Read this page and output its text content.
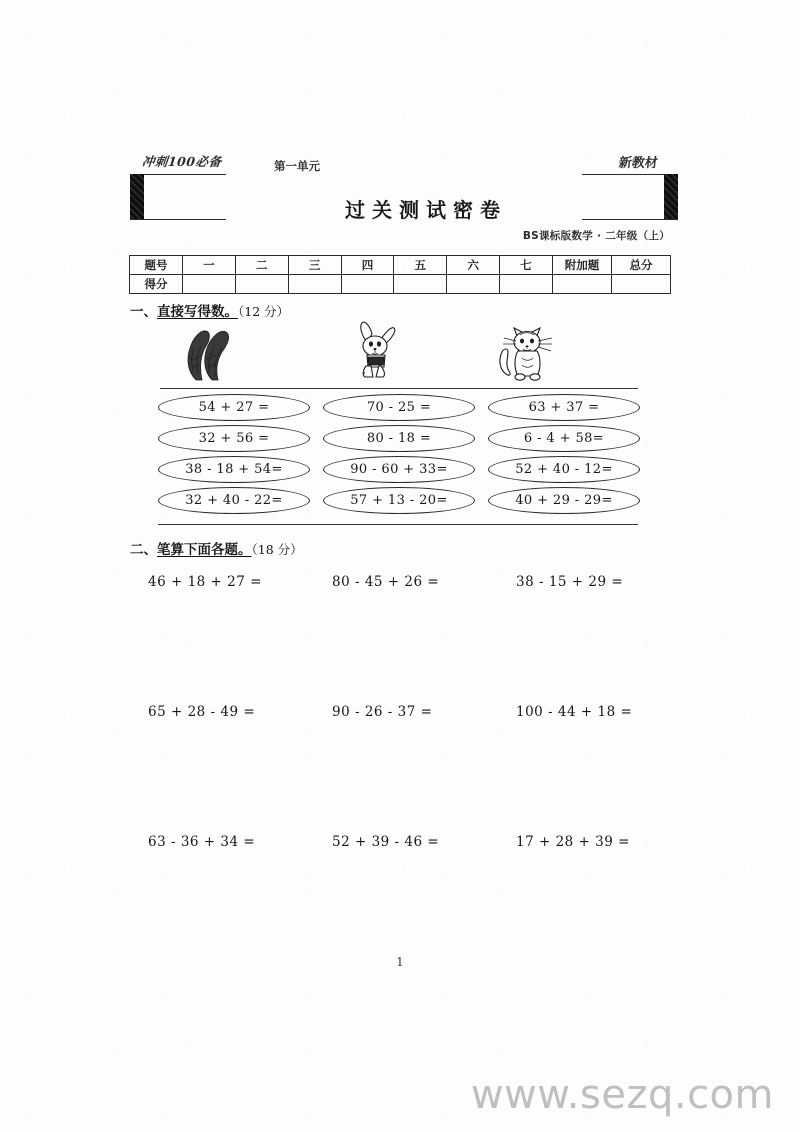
冲刺100必备	第一单元	新教材
过关测试密卷
BS课标版数学 · 二年级（上）
题号	一	二	三	四	五	六	七	附加题	总分
得分									
一、直接写得数。（12 分）
54 + 27 =	70 - 25 =	63 + 37 =
32 + 56 =	80 - 18 =	6 - 4 + 58=
38 - 18 + 54=	90 - 60 + 33=	52 + 40 - 12=
32 + 40 - 22=	57 + 13 - 20=	40 + 29 - 29=
二、笔算下面各题。（18 分）
46 + 18 + 27 =	80 - 45 + 26 =	38 - 15 + 29 =
65 + 28 - 49 =	90 - 26 - 37 =	100 - 44 + 18 =
63 - 36 + 34 =	52 + 39 - 46 =	17 + 28 + 39 =
1
www.sezq.com
